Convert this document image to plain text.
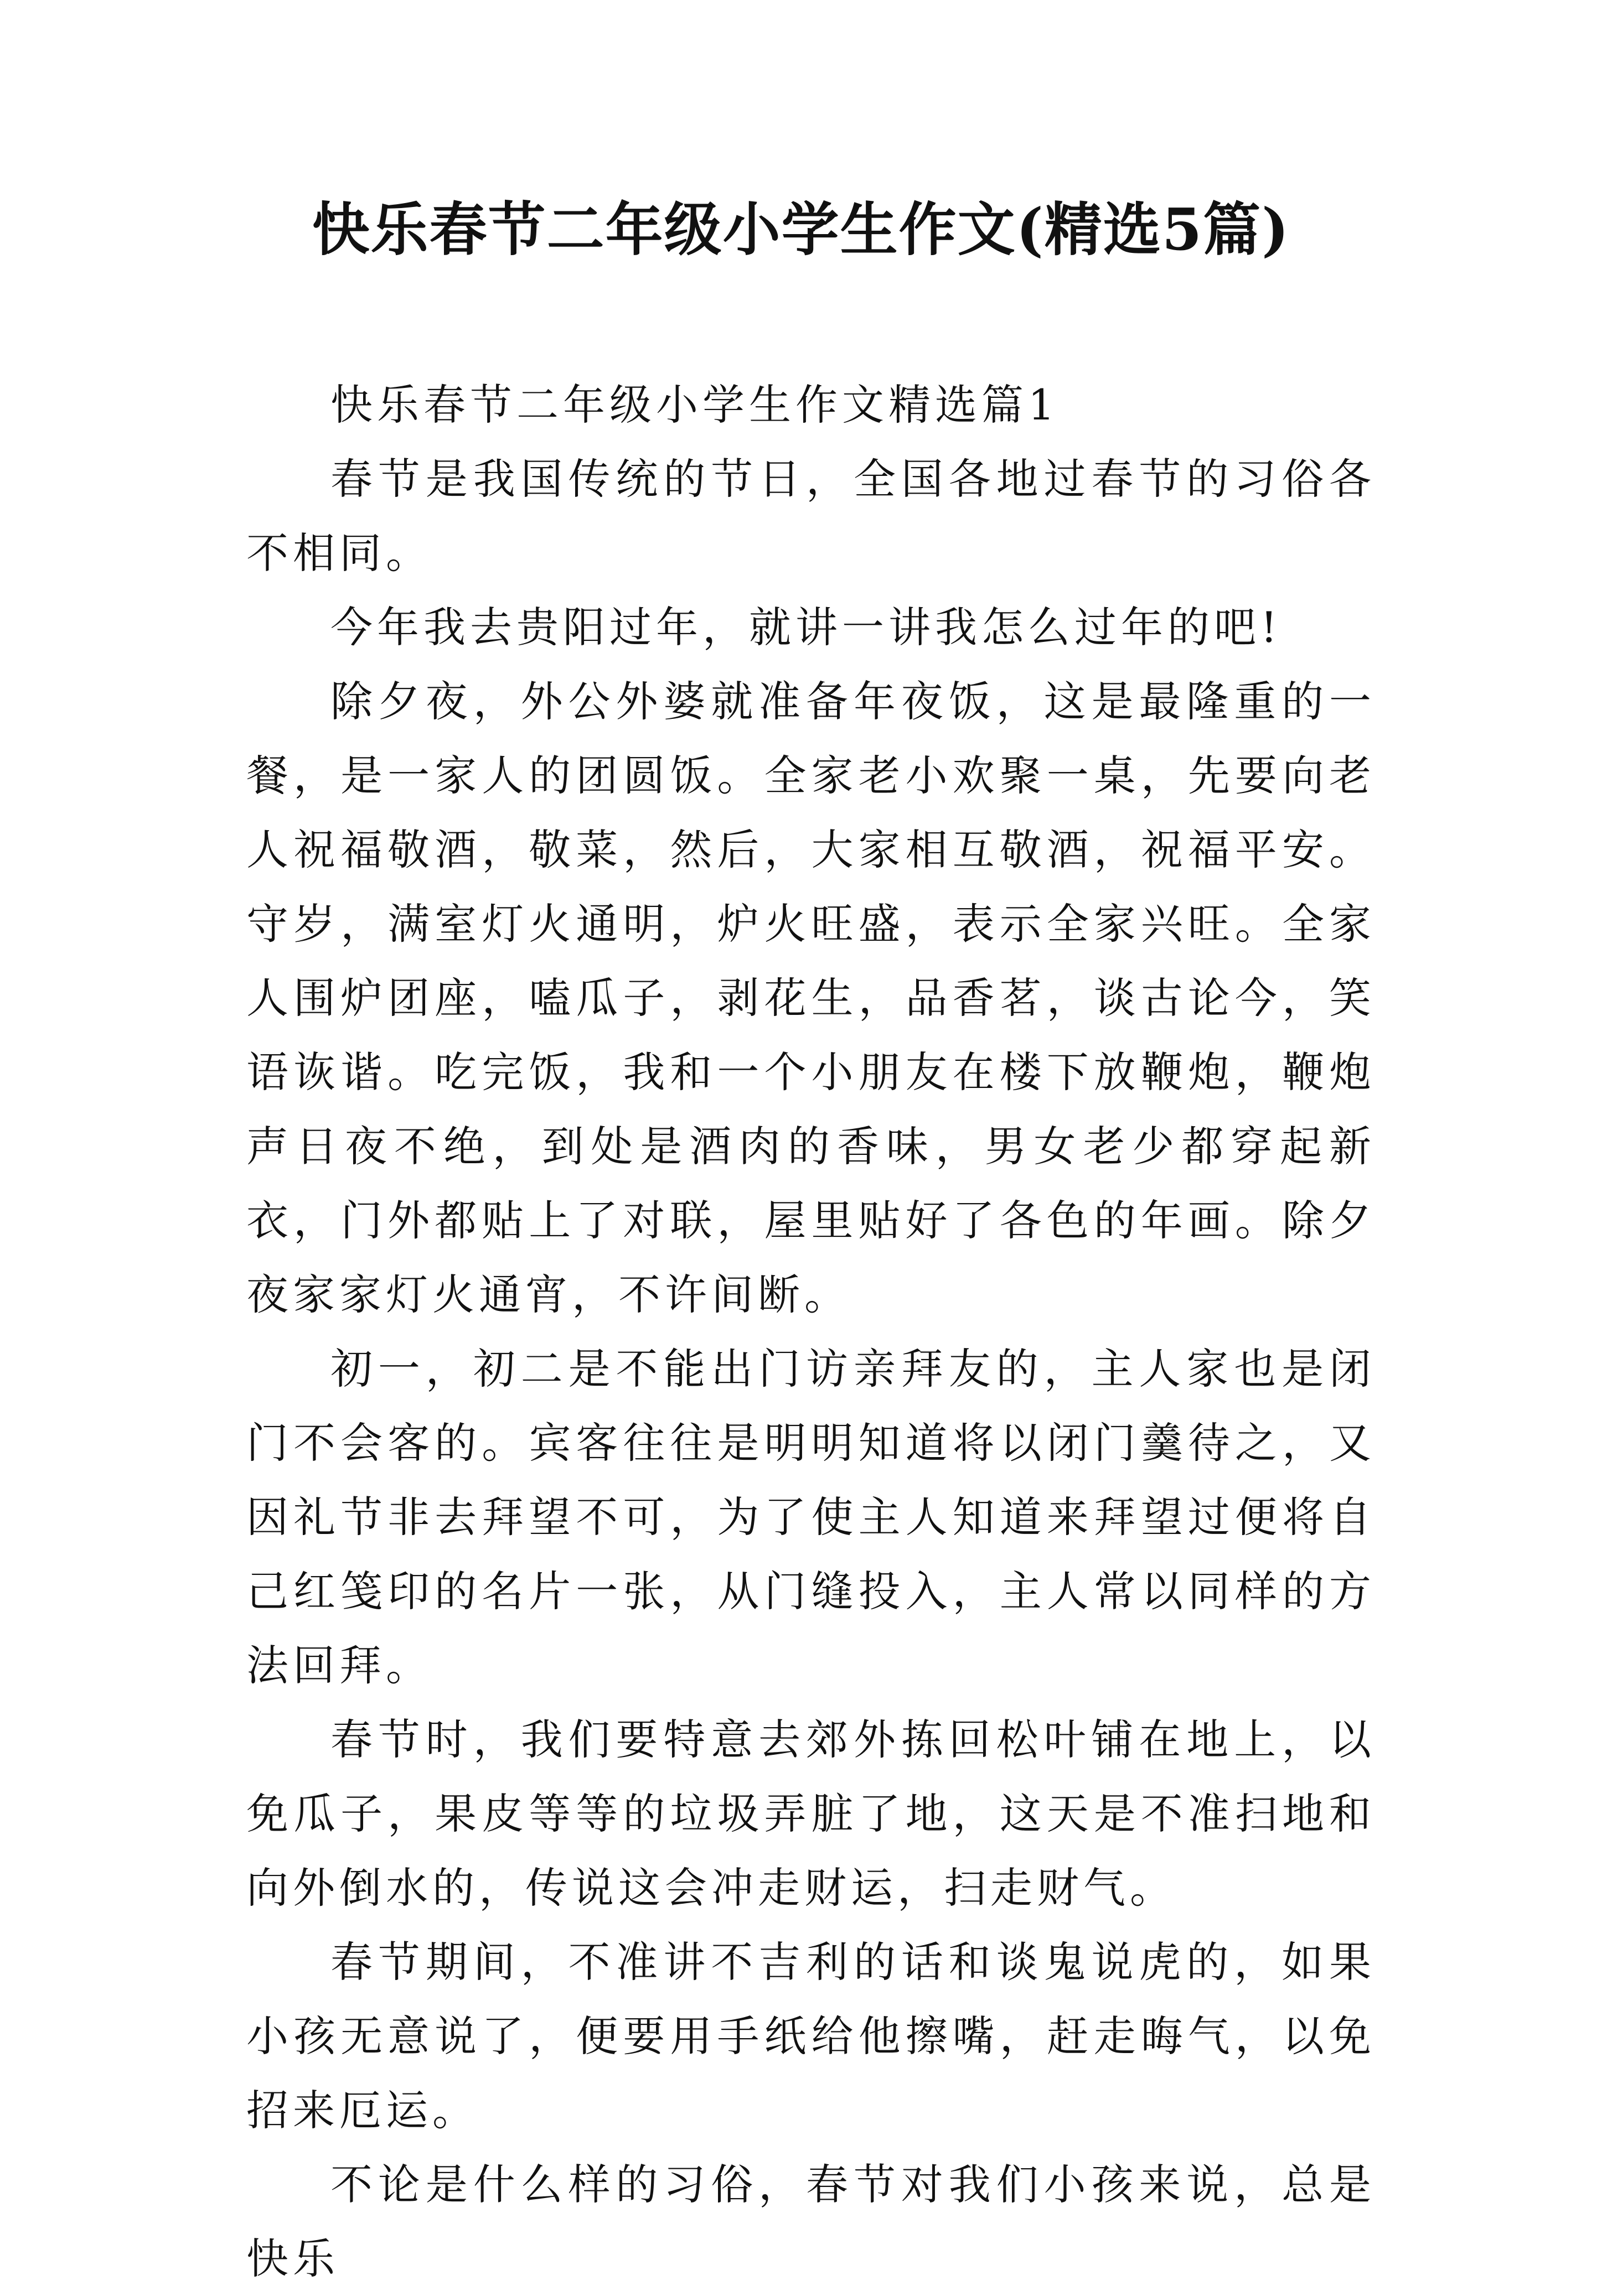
快乐春节二年级小学生作文(精选5篇)

快乐春节二年级小学生作文精选篇1

春节是我国传统的节日，全国各地过春节的习俗各不相同。

今年我去贵阳过年，就讲一讲我怎么过年的吧!

除夕夜，外公外婆就准备年夜饭，这是最隆重的一餐，是一家人的团圆饭。全家老小欢聚一桌，先要向老人祝福敬酒，敬菜，然后，大家相互敬酒，祝福平安。守岁，满室灯火通明，炉火旺盛，表示全家兴旺。全家人围炉团座，嗑瓜子，剥花生，品香茗，谈古论今，笑语诙谐。吃完饭，我和一个小朋友在楼下放鞭炮，鞭炮声日夜不绝，到处是酒肉的香味，男女老少都穿起新衣，门外都贴上了对联，屋里贴好了各色的年画。除夕夜家家灯火通宵，不许间断。

初一，初二是不能出门访亲拜友的，主人家也是闭门不会客的。宾客往往是明明知道将以闭门羹待之，又因礼节非去拜望不可，为了使主人知道来拜望过便将自己红笺印的名片一张，从门缝投入，主人常以同样的方法回拜。

春节时，我们要特意去郊外拣回松叶铺在地上，以免瓜子，果皮等等的垃圾弄脏了地，这天是不准扫地和向外倒水的，传说这会冲走财运，扫走财气。

春节期间，不准讲不吉利的话和谈鬼说虎的，如果小孩无意说了，便要用手纸给他擦嘴，赶走晦气，以免招来厄运。

不论是什么样的习俗，春节对我们小孩来说，总是快乐
